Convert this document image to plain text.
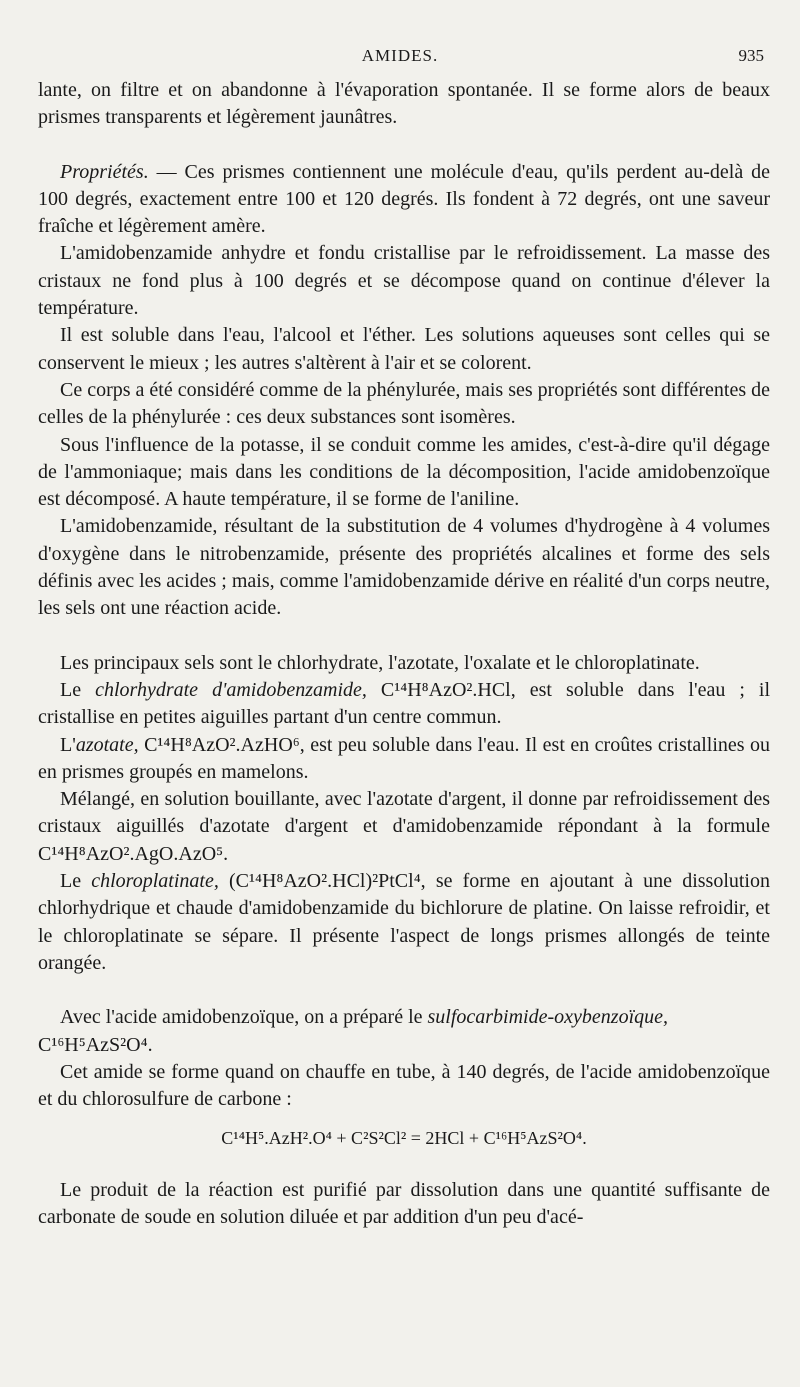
AMIDES.	935

lante, on filtre et on abandonne à l'évaporation spontanée. Il se forme alors de beaux prismes transparents et légèrement jaunâtres.

Propriétés. — Ces prismes contiennent une molécule d'eau, qu'ils perdent au-delà de 100 degrés, exactement entre 100 et 120 degrés. Ils fondent à 72 degrés, ont une saveur fraîche et légèrement amère.

L'amidobenzamide anhydre et fondu cristallise par le refroidissement. La masse des cristaux ne fond plus à 100 degrés et se décompose quand on continue d'élever la température.

Il est soluble dans l'eau, l'alcool et l'éther. Les solutions aqueuses sont celles qui se conservent le mieux ; les autres s'altèrent à l'air et se colorent.

Ce corps a été considéré comme de la phénylurée, mais ses propriétés sont différentes de celles de la phénylurée : ces deux substances sont isomères.

Sous l'influence de la potasse, il se conduit comme les amides, c'est-à-dire qu'il dégage de l'ammoniaque; mais dans les conditions de la décomposition, l'acide amidobenzoïque est décomposé. A haute température, il se forme de l'aniline.

L'amidobenzamide, résultant de la substitution de 4 volumes d'hydrogène à 4 volumes d'oxygène dans le nitrobenzamide, présente des propriétés alcalines et forme des sels définis avec les acides ; mais, comme l'amidobenzamide dérive en réalité d'un corps neutre, les sels ont une réaction acide.

Les principaux sels sont le chlorhydrate, l'azotate, l'oxalate et le chloroplatinate.

Le chlorhydrate d'amidobenzamide, C¹⁴H⁸AzO².HCl, est soluble dans l'eau ; il cristallise en petites aiguilles partant d'un centre commun.

L'azotate, C¹⁴H⁸AzO².AzHO⁶, est peu soluble dans l'eau. Il est en croûtes cristallines ou en prismes groupés en mamelons.

Mélangé, en solution bouillante, avec l'azotate d'argent, il donne par refroidissement des cristaux aiguillés d'azotate d'argent et d'amidobenzamide répondant à la formule C¹⁴H⁸AzO².AgO.AzO⁵.

Le chloroplatinate, (C¹⁴H⁸AzO².HCl)²PtCl⁴, se forme en ajoutant à une dissolution chlorhydrique et chaude d'amidobenzamide du bichlorure de platine. On laisse refroidir, et le chloroplatinate se sépare. Il présente l'aspect de longs prismes allongés de teinte orangée.

Avec l'acide amidobenzoïque, on a préparé le sulfocarbimide-oxybenzoïque,
C¹⁶H⁵AzS²O⁴.

Cet amide se forme quand on chauffe en tube, à 140 degrés, de l'acide amidobenzoïque et du chlorosulfure de carbone :

C¹⁴H⁵.AzH².O⁴ + C²S²Cl² = 2HCl + C¹⁶H⁵AzS²O⁴.

Le produit de la réaction est purifié par dissolution dans une quantité suffisante de carbonate de soude en solution diluée et par addition d'un peu d'acé-
